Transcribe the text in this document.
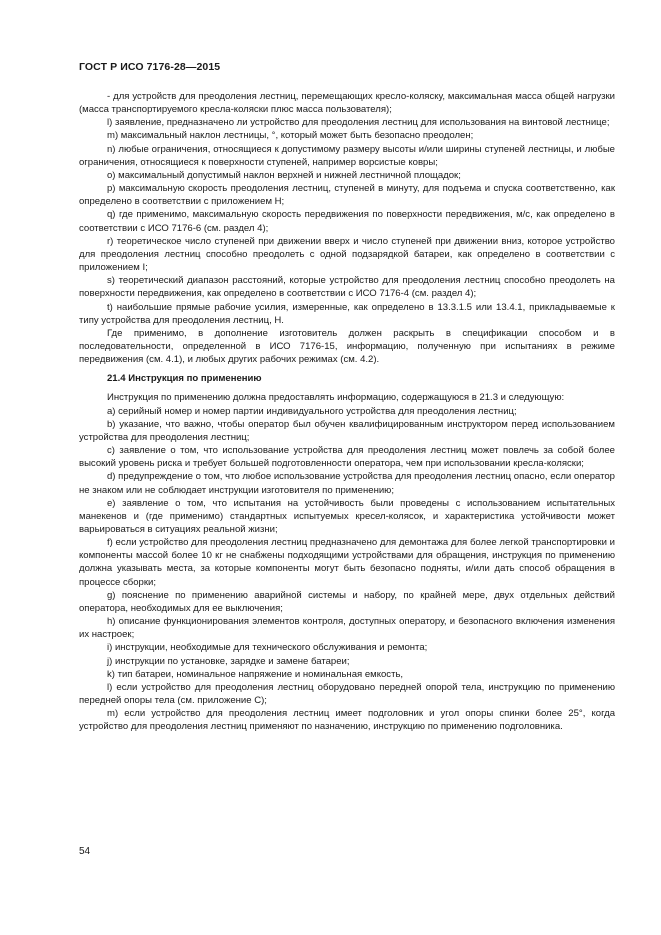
ГОСТ Р ИСО 7176-28—2015

- для устройств для преодоления лестниц, перемещающих кресло-коляску, максимальная масса общей нагрузки (масса транспортируемого кресла-коляски плюс масса пользователя);

l) заявление, предназначено ли устройство для преодоления лестниц для использования на винтовой лестнице;

m) максимальный наклон лестницы, °, который может быть безопасно преодолен;

n) любые ограничения, относящиеся к допустимому размеру высоты и/или ширины ступеней лестницы, и любые ограничения, относящиеся к поверхности ступеней, например ворсистые ковры;

o) максимальный допустимый наклон верхней и нижней лестничной площадок;

p) максимальную скорость преодоления лестниц, ступеней в минуту, для подъема и спуска соответственно, как определено в соответствии с приложением H;

q) где применимо, максимальную скорость передвижения по поверхности передвижения, м/с, как определено в соответствии с ИСО 7176-6 (см. раздел 4);

r) теоретическое число ступеней при движении вверх и число ступеней при движении вниз, которое устройство для преодоления лестниц способно преодолеть с одной подзарядкой батареи, как определено в соответствии с приложением I;

s) теоретический диапазон расстояний, которые устройство для преодоления лестниц способно преодолеть на поверхности передвижения, как определено в соответствии с ИСО 7176-4 (см. раздел 4);

t) наибольшие прямые рабочие усилия, измеренные, как определено в 13.3.1.5 или 13.4.1, прикладываемые к типу устройства для преодоления лестниц, H.

Где применимо, в дополнение изготовитель должен раскрыть в спецификации способом и в последовательности, определенной в ИСО 7176-15, информацию, полученную при испытаниях в режиме передвижения (см. 4.1), и любых других рабочих режимах (см. 4.2).

21.4 Инструкция по применению

Инструкция по применению должна предоставлять информацию, содержащуюся в 21.3 и следующую:

a) серийный номер и номер партии индивидуального устройства для преодоления лестниц;

b) указание, что важно, чтобы оператор был обучен квалифицированным инструктором перед использованием устройства для преодоления лестниц;

c) заявление о том, что использование устройства для преодоления лестниц может повлечь за собой более высокий уровень риска и требует большей подготовленности оператора, чем при использовании кресла-коляски;

d) предупреждение о том, что любое использование устройства для преодоления лестниц опасно, если оператор не знаком или не соблюдает инструкции изготовителя по применению;

e) заявление о том, что испытания на устойчивость были проведены с использованием испытательных манекенов и (где применимо) стандартных испытуемых кресел-колясок, и характеристика устойчивости может варьироваться в ситуациях реальной жизни;

f) если устройство для преодоления лестниц предназначено для демонтажа для более легкой транспортировки и компоненты массой более 10 кг не снабжены подходящими устройствами для обращения, инструкция по применению должна указывать места, за которые компоненты могут быть безопасно подняты, и/или дать способ обращения в процессе сборки;

g) пояснение по применению аварийной системы и набору, по крайней мере, двух отдельных действий оператора, необходимых для ее выключения;

h) описание функционирования элементов контроля, доступных оператору, и безопасного включения изменения их настроек;

i) инструкции, необходимые для технического обслуживания и ремонта;

j) инструкции по установке, зарядке и замене батареи;

k) тип батареи, номинальное напряжение и номинальная емкость,

l) если устройство для преодоления лестниц оборудовано передней опорой тела, инструкцию по применению передней опоры тела (см. приложение C);

m) если устройство для преодоления лестниц имеет подголовник и угол опоры спинки более 25°, когда устройство для преодоления лестниц применяют по назначению, инструкцию по применению подголовника.

54
